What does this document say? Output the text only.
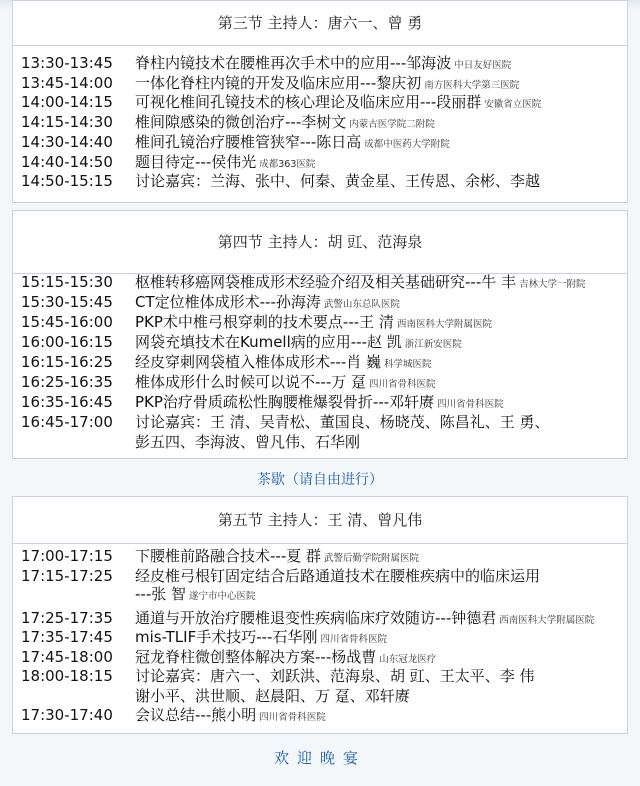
第三节 主持人：唐六一、曾 勇
13:30-13:45 脊柱内镜技术在腰椎再次手术中的应用---邹海波 中日友好医院
13:45-14:00 一体化脊柱内镜的开发及临床应用---黎庆初 南方医科大学第三医院
14:00-14:15 可视化椎间孔镜技术的核心理论及临床应用---段丽群 安徽省立医院
14:15-14:30 椎间隙感染的微创治疗---李树文 内蒙古医学院二附院
14:30-14:40 椎间孔镜治疗腰椎管狭窄---陈日高 成都中医药大学附院
14:40-14:50 题目待定---侯伟光 成都363医院
14:50-15:15 讨论嘉宾：兰海、张中、何秦、黄金星、王传恩、余彬、李越
第四节 主持人：胡 豇、范海泉
15:15-15:30 枢椎转移癌网袋椎成形术经验介绍及相关基础研究---牛 丰 吉林大学一附院
15:30-15:45 CT定位椎体成形术---孙海涛 武警山东总队医院
15:45-16:00 PKP术中椎弓根穿刺的技术要点---王 清 西南医科大学附属医院
16:00-16:15 网袋充填技术在Kumell病的应用---赵 凯 浙江新安医院
16:15-16:25 经皮穿刺网袋植入椎体成形术---肖 巍 科学城医院
16:25-16:35 椎体成形什么时候可以说不---万 趸 四川省骨科医院
16:35-16:45 PKP治疗骨质疏松性胸腰椎爆裂骨折---邓轩赓 四川省骨科医院
16:45-17:00 讨论嘉宾：王 清、吴青松、董国良、杨晓茂、陈昌礼、王 勇、
彭五四、李海波、曾凡伟、石华刚
茶歇（请自由进行）
第五节 主持人：王 清、曾凡伟
17:00-17:15 下腰椎前路融合技术---夏 群 武警后勤学院附属医院
17:15-17:25 经皮椎弓根钉固定结合后路通道技术在腰椎疾病中的临床运用
---张 智 遂宁市中心医院
17:25-17:35 通道与开放治疗腰椎退变性疾病临床疗效随访---钟德君 西南医科大学附属医院
17:35-17:45 mis-TLIF手术技巧---石华刚 四川省骨科医院
17:45-18:00 冠龙脊柱微创整体解决方案---杨战曹 山东冠龙医疗
18:00-18:15 讨论嘉宾：唐六一、刘跃洪、范海泉、胡 豇、王太平、李 伟
谢小平、洪世顺、赵晨阳、万 趸、邓轩赓
17:30-17:40 会议总结---熊小明 四川省骨科医院
欢迎晚宴
